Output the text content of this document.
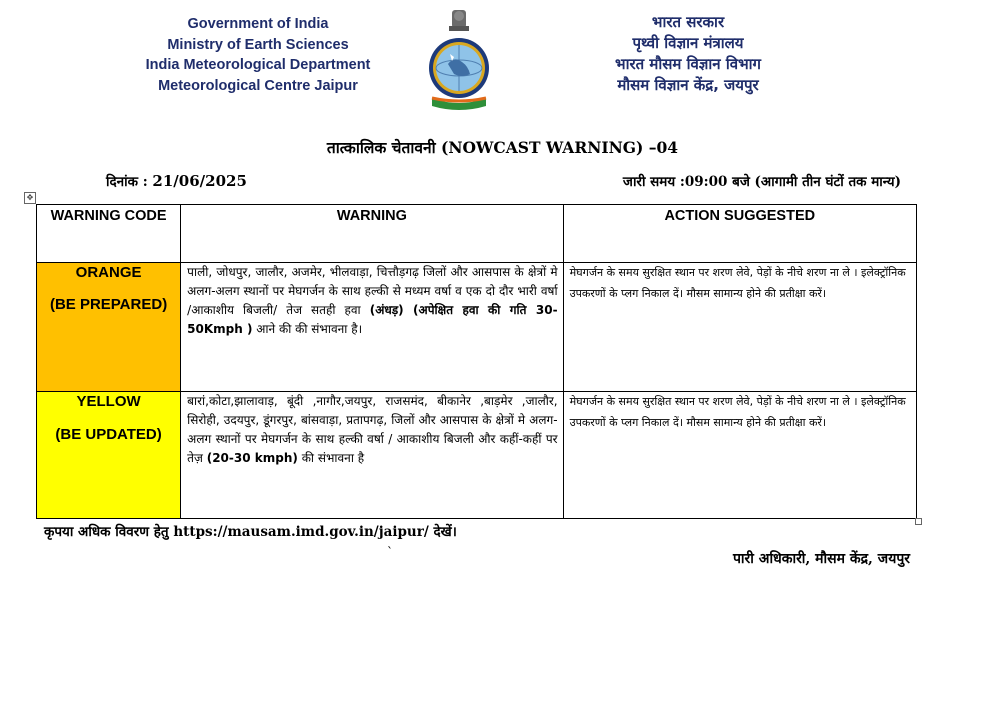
Government of India
Ministry of Earth Sciences
India Meteorological Department
Meteorological Centre Jaipur
भारत सरकार
पृथ्वी विज्ञान मंत्रालय
भारत मौसम विज्ञान विभाग
मौसम विज्ञान केंद्र, जयपुर
तात्कालिक चेतावनी (NOWCAST WARNING) –04
दिनांक : 21/06/2025	जारी समय :09:00 बजे (आगामी तीन घंटों तक मान्य)
✥
WARNING CODE	WARNING	ACTION SUGGESTED

ORANGE
(BE PREPARED)	पाली, जोधपुर, जालौर, अजमेर, भीलवाड़ा, चित्तौड़गढ़ जिलों और आसपास के क्षेत्रों मे अलग-अलग स्थानों पर मेघगर्जन के साथ हल्की से मध्यम वर्षा व एक दो दौर भारी वर्षा /आकाशीय बिजली/ तेज सतही हवा (अंधड़) (अपेक्षित हवा की गति 30-50Kmph ) आने की की संभावना है।	मेघगर्जन के समय सुरक्षित स्थान पर शरण लेवे, पेड़ों के नीचे शरण ना ले । इलेक्ट्रॉनिक उपकरणों के प्लग निकाल दें। मौसम सामान्य होने की प्रतीक्षा करें।

YELLOW
(BE UPDATED)	बारां,कोटा,झालावाड़, बूंदी ,नागौर,जयपुर, राजसमंद, बीकानेर ,बाड़मेर ,जालौर, सिरोही, उदयपुर, डूंगरपुर, बांसवाड़ा, प्रतापगढ़, जिलों और आसपास के क्षेत्रों मे अलग-अलग स्थानों पर मेघगर्जन के साथ हल्की वर्षा / आकाशीय बिजली और कहीं-कहीं पर तेज़ (20-30 kmph) की संभावना है	मेघगर्जन के समय सुरक्षित स्थान पर शरण लेवे, पेड़ों के नीचे शरण ना ले । इलेक्ट्रॉनिक उपकरणों के प्लग निकाल दें। मौसम सामान्य होने की प्रतीक्षा करें।
कृपया अधिक विवरण हेतु https://mausam.imd.gov.in/jaipur/ देखें।
`	पारी अधिकारी, मौसम केंद्र, जयपुर
